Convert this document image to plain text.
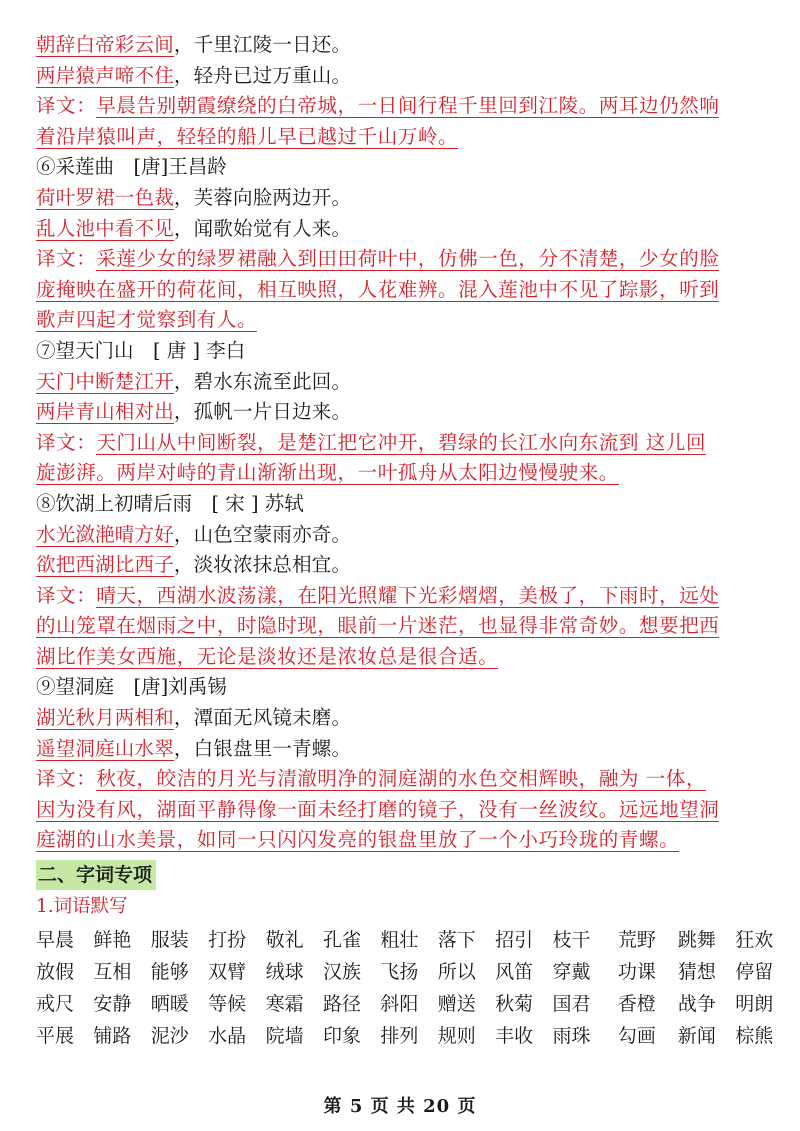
朝辞白帝彩云间，千里江陵一日还。
两岸猿声啼不住，轻舟已过万重山。
译文：早晨告别朝霞缭绕的白帝城，一日间行程千里回到江陵。两耳边仍然响
着沿岸猿叫声，轻轻的船儿早已越过千山万岭。
⑥采莲曲　[唐]王昌龄
荷叶罗裙一色裁，芙蓉向脸两边开。
乱人池中看不见，闻歌始觉有人来。
译文：采莲少女的绿罗裙融入到田田荷叶中，仿佛一色，分不清楚，少女的脸
庞掩映在盛开的荷花间，相互映照，人花难辨。混入莲池中不见了踪影，听到
歌声四起才觉察到有人。
⑦望天门山　[ 唐 ] 李白
天门中断楚江开，碧水东流至此回。
两岸青山相对出，孤帆一片日边来。
译文：天门山从中间断裂，是楚江把它冲开，碧绿的长江水向东流到 这儿回
旋澎湃。两岸对峙的青山渐渐出现，一叶孤舟从太阳边慢慢驶来。
⑧饮湖上初晴后雨　[ 宋 ] 苏轼
水光潋滟晴方好，山色空蒙雨亦奇。
欲把西湖比西子，淡妆浓抹总相宜。
译文：晴天，西湖水波荡漾，在阳光照耀下光彩熠熠，美极了，下雨时，远处
的山笼罩在烟雨之中，时隐时现，眼前一片迷茫，也显得非常奇妙。想要把西
湖比作美女西施，无论是淡妆还是浓妆总是很合适。
⑨望洞庭　[唐]刘禹锡
湖光秋月两相和，潭面无风镜未磨。
遥望洞庭山水翠，白银盘里一青螺。
译文：秋夜，皎洁的月光与清澈明净的洞庭湖的水色交相辉映，融为 一体，
因为没有风，湖面平静得像一面未经打磨的镜子，没有一丝波纹。远远地望洞
庭湖的山水美景，如同一只闪闪发亮的银盘里放了一个小巧玲珑的青螺。
二、字词专项
1.词语默写
早晨	鲜艳	服装	打扮	敬礼	孔雀	粗壮	落下	招引	枝干	荒野	跳舞	狂欢
放假	互相	能够	双臂	绒球	汉族	飞扬	所以	风笛	穿戴	功课	猜想	停留
戒尺	安静	晒暖	等候	寒霜	路径	斜阳	赠送	秋菊	国君	香橙	战争	明朗
平展	铺路	泥沙	水晶	院墙	印象	排列	规则	丰收	雨珠	勾画	新闻	棕熊
第 5 页 共 20 页
